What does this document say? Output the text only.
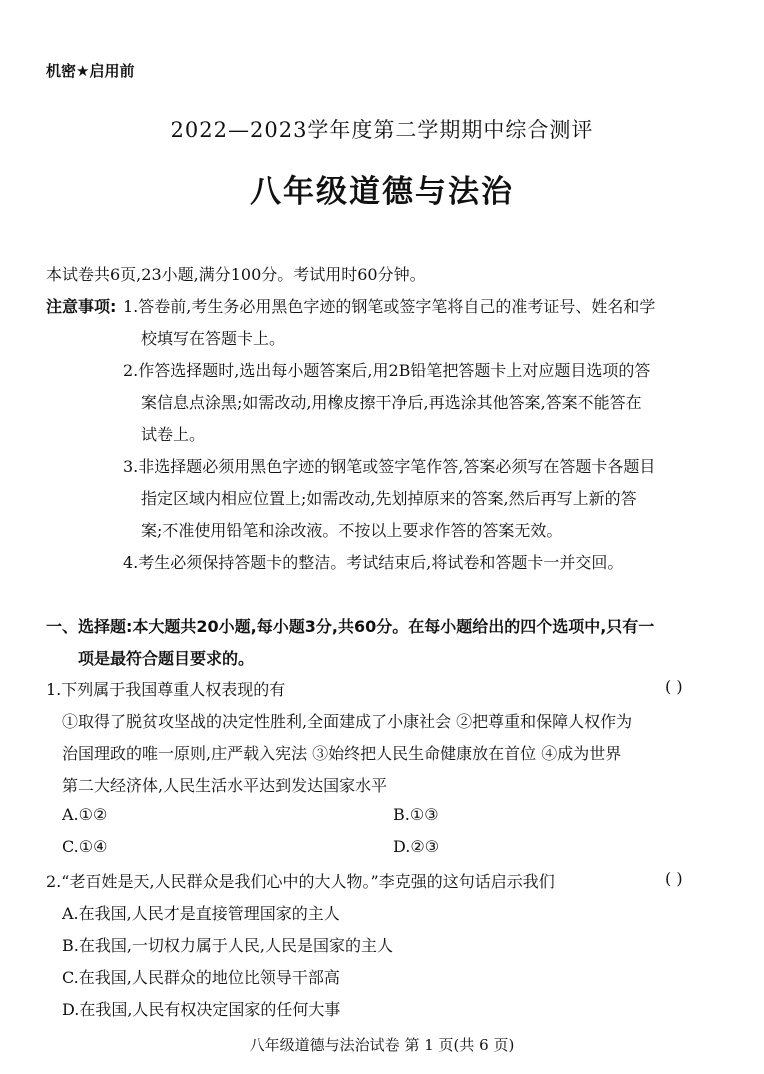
机密★启用前
2022—2023学年度第二学期期中综合测评
八年级道德与法治
本试卷共6页,23小题,满分100分。考试用时60分钟。
注意事项: 1.答卷前,考生务必用黑色字迹的钢笔或签字笔将自己的准考证号、姓名和学
校填写在答题卡上。
2.作答选择题时,选出每小题答案后,用2B铅笔把答题卡上对应题目选项的答
案信息点涂黑;如需改动,用橡皮擦干净后,再选涂其他答案,答案不能答在
试卷上。
3.非选择题必须用黑色字迹的钢笔或签字笔作答,答案必须写在答题卡各题目
指定区域内相应位置上;如需改动,先划掉原来的答案,然后再写上新的答
案;不准使用铅笔和涂改液。不按以上要求作答的答案无效。
4.考生必须保持答题卡的整洁。考试结束后,将试卷和答题卡一并交回。
一、选择题:本大题共20小题,每小题3分,共60分。在每小题给出的四个选项中,只有一
项是最符合题目要求的。
1.下列属于我国尊重人权表现的有	( )
①取得了脱贫攻坚战的决定性胜利,全面建成了小康社会 ②把尊重和保障人权作为
治国理政的唯一原则,庄严载入宪法 ③始终把人民生命健康放在首位 ④成为世界
第二大经济体,人民生活水平达到发达国家水平
A.①②	B.①③
C.①④	D.②③
2.“老百姓是天,人民群众是我们心中的大人物。”李克强的这句话启示我们	( )
A.在我国,人民才是直接管理国家的主人
B.在我国,一切权力属于人民,人民是国家的主人
C.在我国,人民群众的地位比领导干部高
D.在我国,人民有权决定国家的任何大事
八年级道德与法治试卷 第 1 页(共 6 页)
